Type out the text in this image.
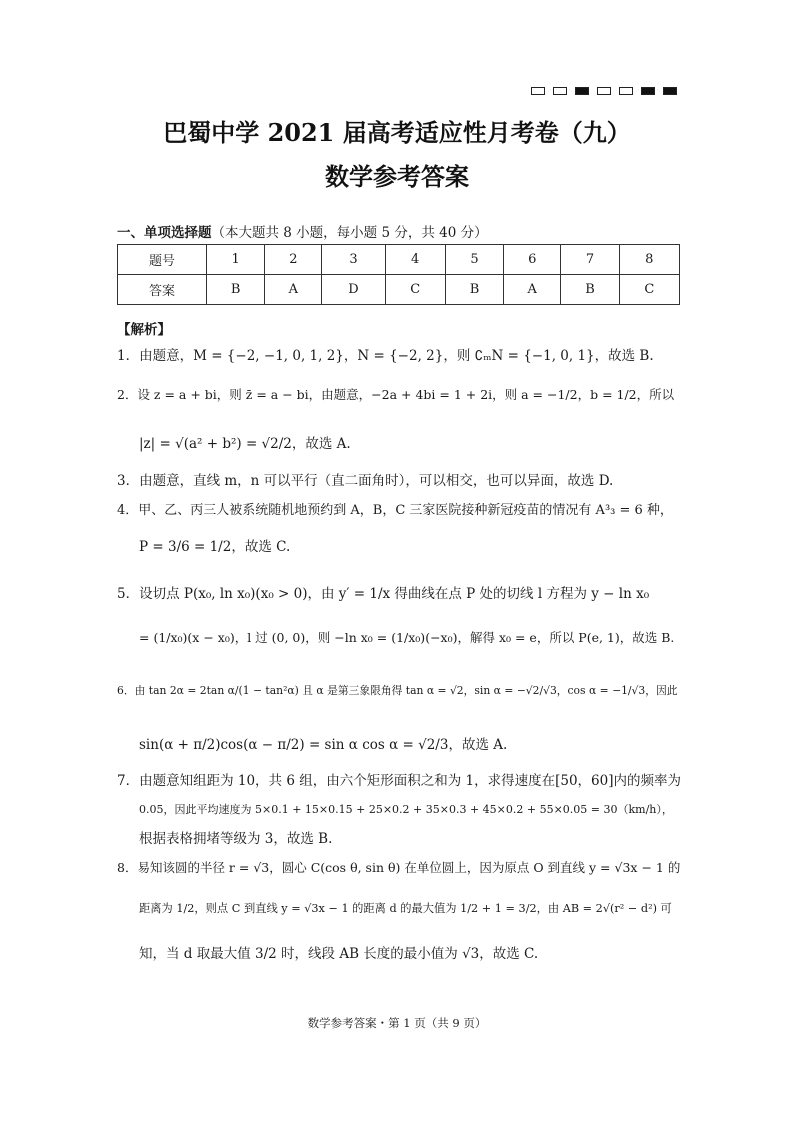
巴蜀中学 2021 届高考适应性月考卷（九）
数学参考答案
一、单项选择题（本大题共 8 小题，每小题 5 分，共 40 分）
题号	1	2	3	4	5	6	7	8
答案	B	A	D	C	B	A	B	C
【解析】
1．由题意，M = {−2, −1, 0, 1, 2}，N = {−2, 2}，则 ∁ₘN = {−1, 0, 1}，故选 B.
2．设 z = a + bi，则 z̄ = a − bi，由题意，−2a + 4bi = 1 + 2i，则 a = −1/2，b = 1/2，所以
|z| = √(a² + b²) = √2/2，故选 A.
3．由题意，直线 m，n 可以平行（直二面角时），可以相交，也可以异面，故选 D.
4．甲、乙、丙三人被系统随机地预约到 A，B，C 三家医院接种新冠疫苗的情况有 A³₃ = 6 种，
P = 3/6 = 1/2，故选 C.
5．设切点 P(x₀, ln x₀)(x₀ > 0)，由 y′ = 1/x 得曲线在点 P 处的切线 l 方程为 y − ln x₀
= (1/x₀)(x − x₀)，l 过 (0, 0)，则 −ln x₀ = (1/x₀)(−x₀)，解得 x₀ = e，所以 P(e, 1)，故选 B.
6．由 tan 2α = 2tan α/(1 − tan²α) 且 α 是第三象限角得 tan α = √2，sin α = −√2/√3，cos α = −1/√3，因此
sin(α + π/2)cos(α − π/2) = sin α cos α = √2/3，故选 A.
7．由题意知组距为 10，共 6 组，由六个矩形面积之和为 1，求得速度在[50，60]内的频率为
0.05，因此平均速度为 5×0.1 + 15×0.15 + 25×0.2 + 35×0.3 + 45×0.2 + 55×0.05 = 30（km/h），
根据表格拥堵等级为 3，故选 B.
8．易知该圆的半径 r = √3，圆心 C(cos θ, sin θ) 在单位圆上，因为原点 O 到直线 y = √3x − 1 的
距离为 1/2，则点 C 到直线 y = √3x − 1 的距离 d 的最大值为 1/2 + 1 = 3/2，由 AB = 2√(r² − d²) 可
知，当 d 取最大值 3/2 时，线段 AB 长度的最小值为 √3，故选 C.
数学参考答案・第 1 页（共 9 页）
